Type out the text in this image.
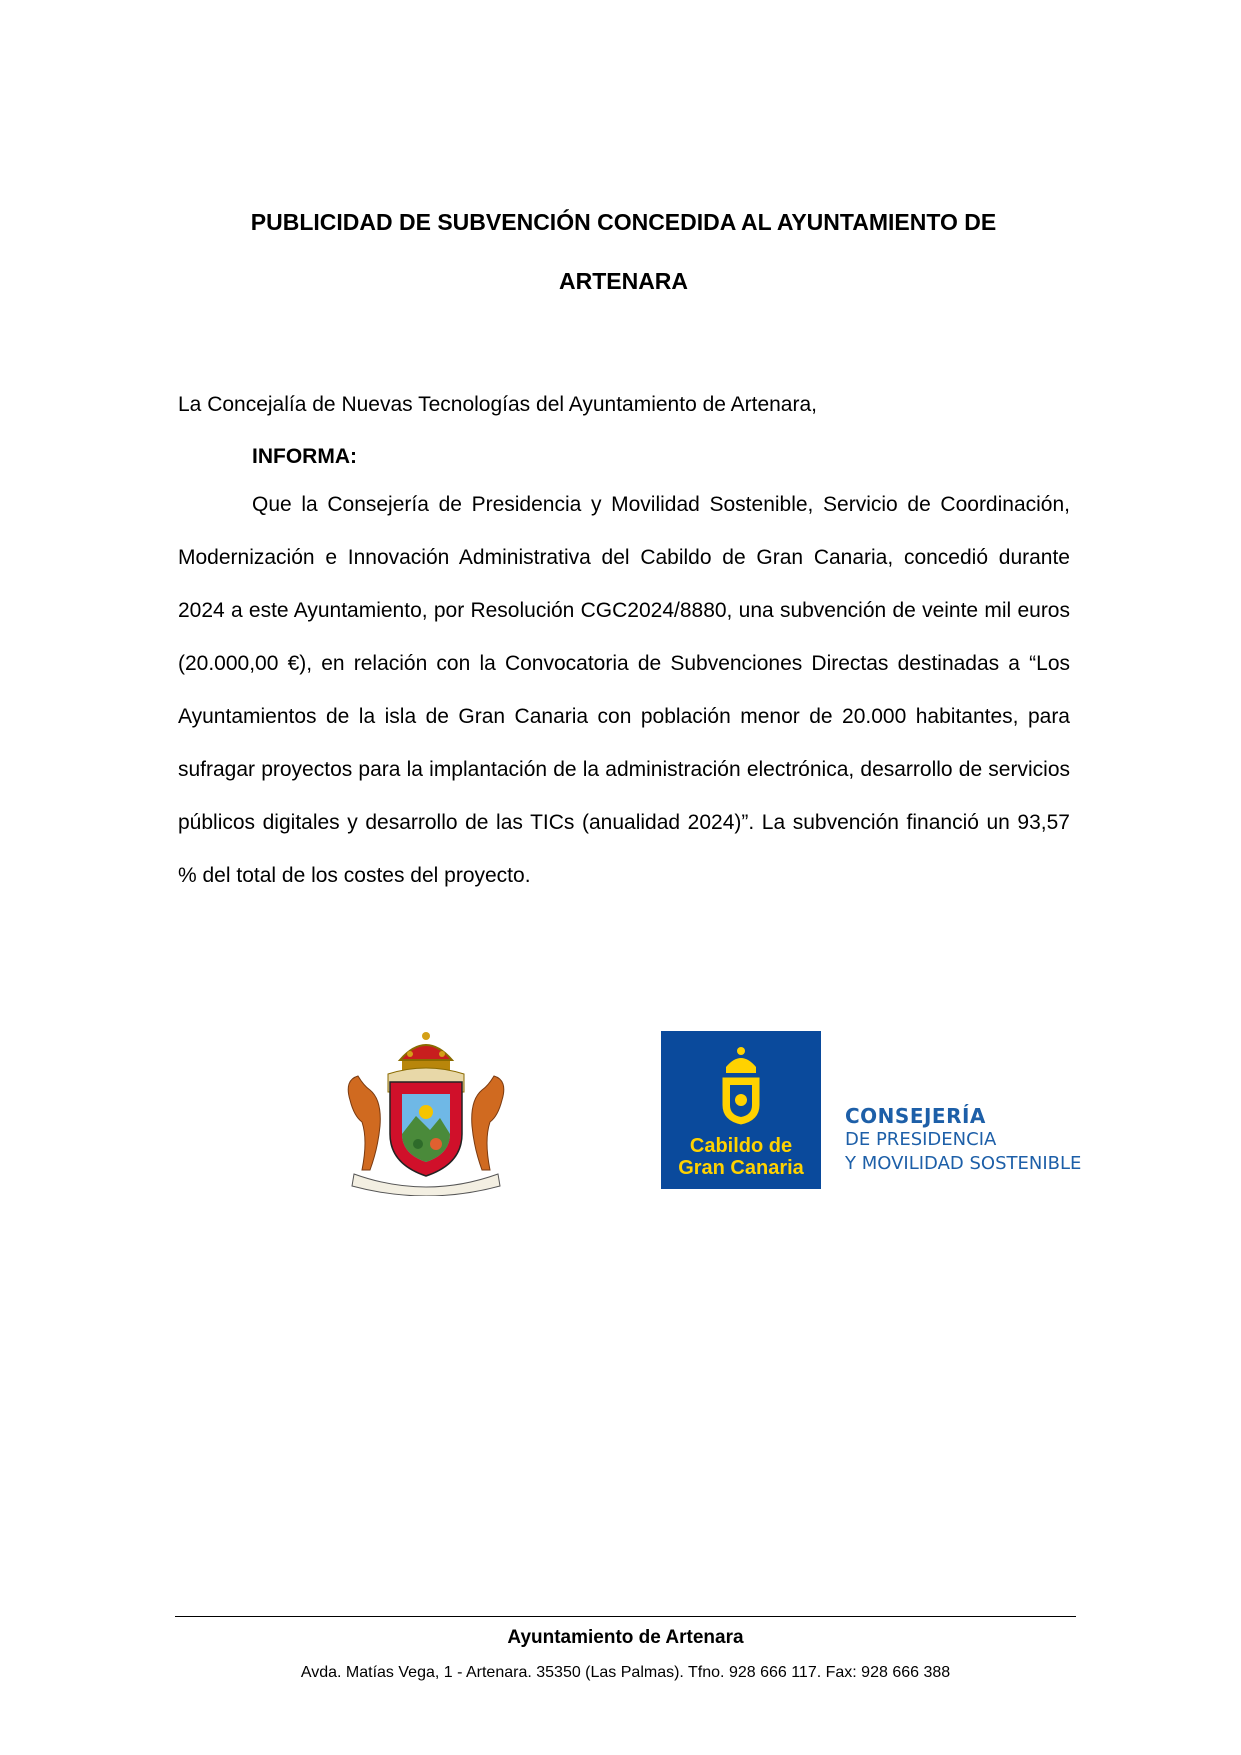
PUBLICIDAD DE SUBVENCIÓN CONCEDIDA AL AYUNTAMIENTO DE
ARTENARA

La Concejalía de Nuevas Tecnologías del Ayuntamiento de Artenara,

INFORMA:

Que la Consejería de Presidencia y Movilidad Sostenible, Servicio de Coordinación, Modernización e Innovación Administrativa del Cabildo de Gran Canaria, concedió durante 2024 a este Ayuntamiento, por Resolución CGC2024/8880, una subvención de veinte mil euros (20.000,00 €), en relación con la Convocatoria de Subvenciones Directas destinadas a “Los Ayuntamientos de la isla de Gran Canaria con población menor de 20.000 habitantes, para sufragar proyectos para la implantación de la administración electrónica, desarrollo de servicios públicos digitales y desarrollo de las TICs (anualidad 2024)”. La subvención financió un 93,57 % del total de los costes del proyecto.

Cabildo de
Gran Canaria
CONSEJERÍA
DE PRESIDENCIA
Y MOVILIDAD SOSTENIBLE

Ayuntamiento de Artenara

Avda. Matías Vega, 1 - Artenara. 35350 (Las Palmas). Tfno. 928 666 117. Fax: 928 666 388
